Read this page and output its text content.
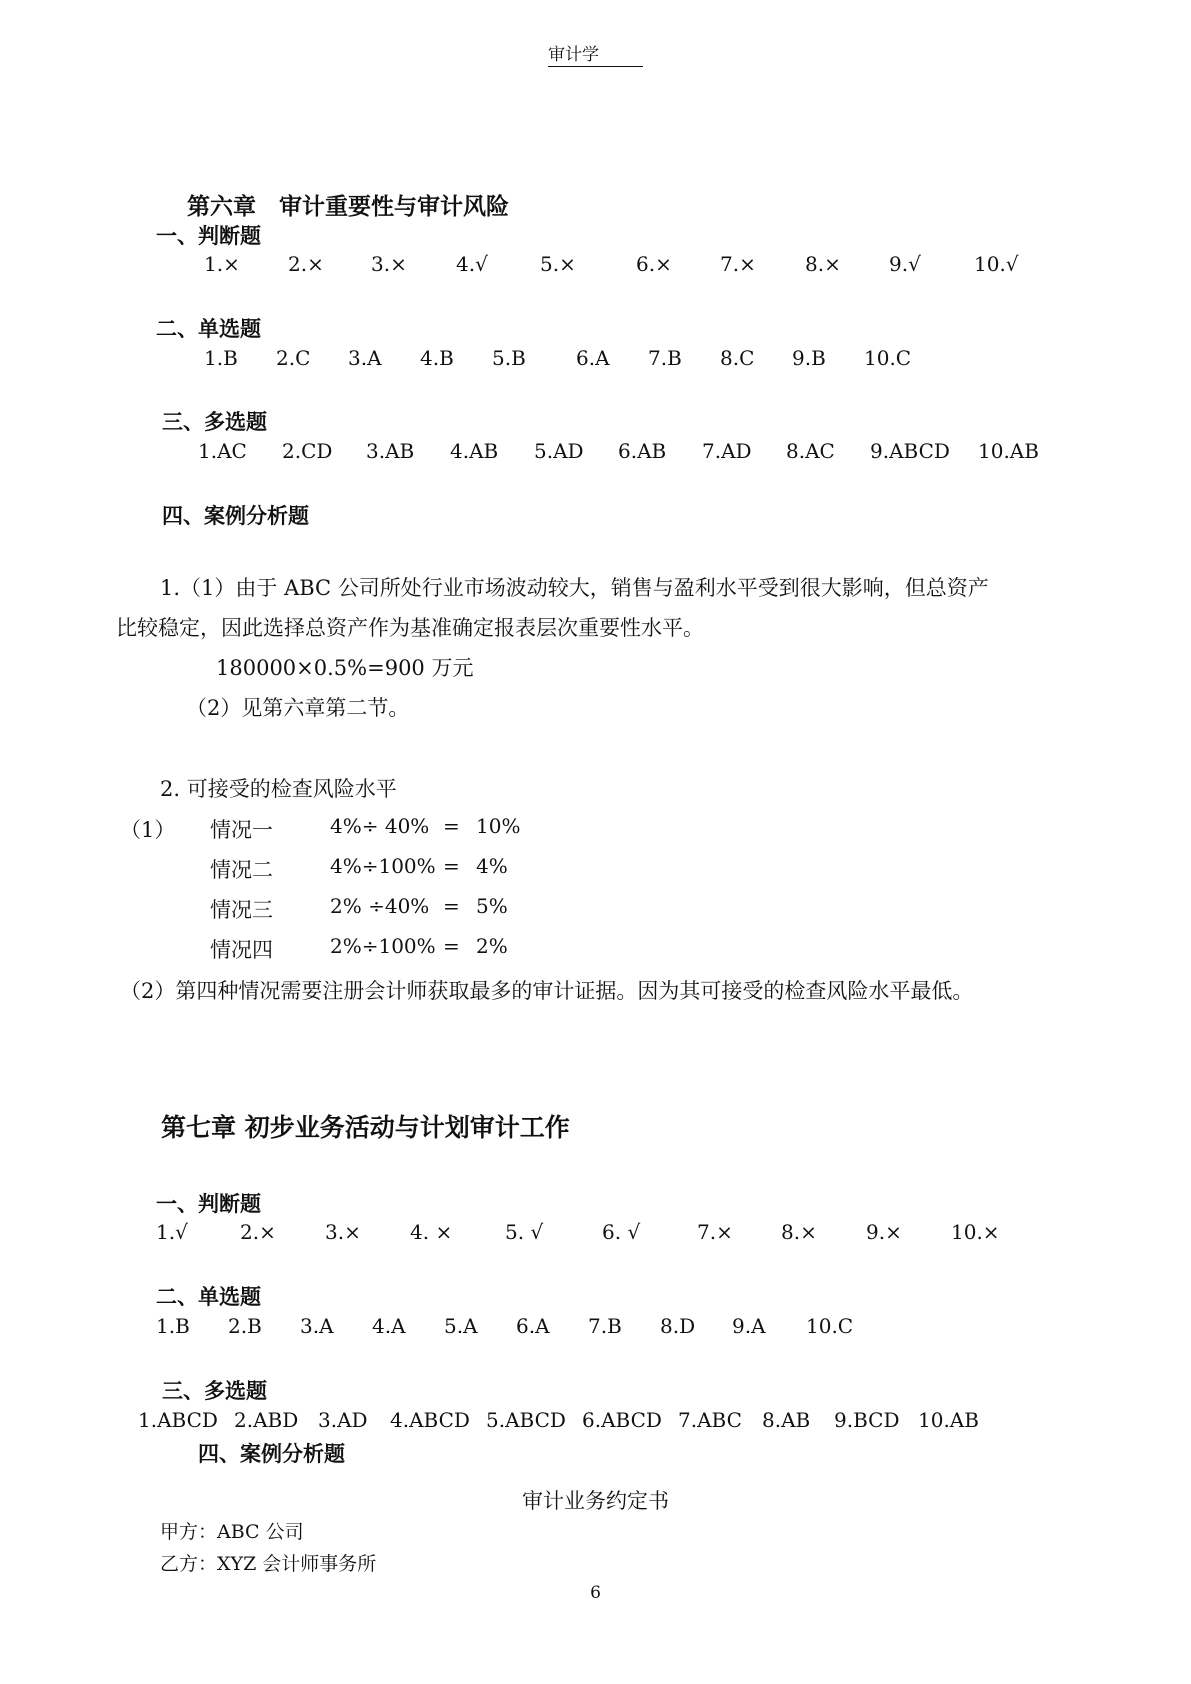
审计学
第六章　审计重要性与审计风险
一、判断题
1.× 2.× 3.× 4.√	5.×	6.× 7.× 8.× 9.√	10.√
二、单选题
1.B 2.C 3.A 4.B 5.B	6.A 7.B 8.C 9.B 10.C
三、多选题
1.AC 2.CD 3.AB 4.AB 5.AD 6.AB 7.AD 8.AC 9.ABCD 10.AB
四、案例分析题
1.（1）由于 ABC 公司所处行业市场波动较大，销售与盈利水平受到很大影响，但总资产
比较稳定，因此选择总资产作为基准确定报表层次重要性水平。
180000×0.5%=900 万元
（2）见第六章第二节。
2. 可接受的检查风险水平
（1） 情况一	4%÷ 40% = 10%
情况二	4%÷100% = 4%
情况三	2% ÷40% = 5%
情况四	2%÷100% = 2%
（2）第四种情况需要注册会计师获取最多的审计证据。因为其可接受的检查风险水平最低。
第七章 初步业务活动与计划审计工作
一、判断题
1.√	2.× 3.× 4. ×	5. √	6. √	7.× 8.× 9.× 10.×
二、单选题
1.B 2.B 3.A 4.A 5.A 6.A 7.B 8.D 9.A 10.C
三、多选题
1.ABCD 2.ABD 3.AD 4.ABCD 5.ABCD 6.ABCD 7.ABC 8.AB 9.BCD 10.AB
四、案例分析题
审计业务约定书
甲方：ABC 公司
乙方：XYZ 会计师事务所
6
